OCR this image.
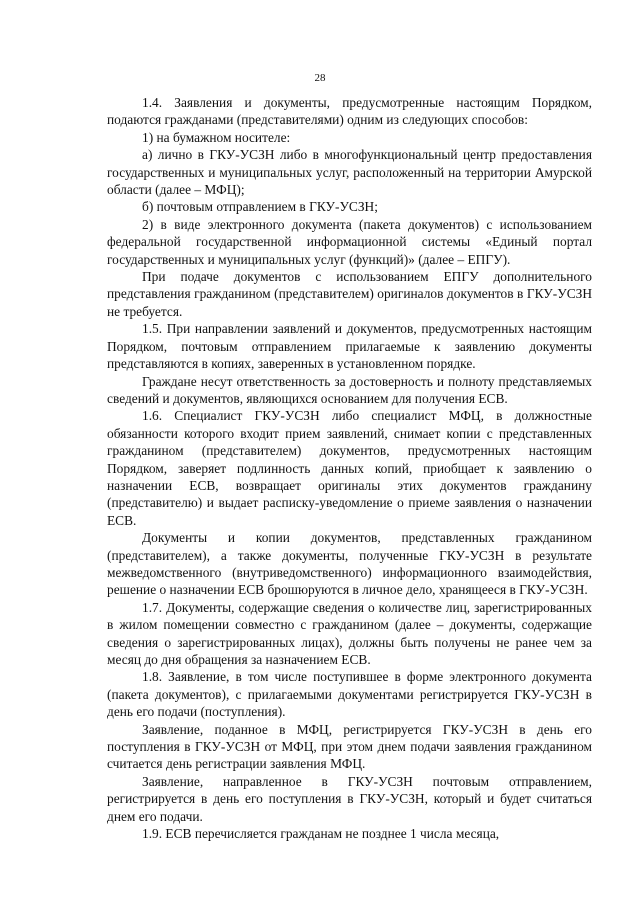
28

1.4. Заявления и документы, предусмотренные настоящим Порядком, подаются гражданами (представителями) одним из следующих способов:

1) на бумажном носителе:

а) лично в ГКУ-УСЗН либо в многофункциональный центр предоставления государственных и муниципальных услуг, расположенный на территории Амурской области (далее – МФЦ);

б) почтовым отправлением в ГКУ-УСЗН;

2) в виде электронного документа (пакета документов) с использованием федеральной государственной информационной системы «Единый портал государственных и муниципальных услуг (функций)» (далее – ЕПГУ).

При подаче документов с использованием ЕПГУ дополнительного представления гражданином (представителем) оригиналов документов в ГКУ-УСЗН не требуется.

1.5. При направлении заявлений и документов, предусмотренных настоящим Порядком, почтовым отправлением прилагаемые к заявлению документы представляются в копиях, заверенных в установленном порядке.

Граждане несут ответственность за достоверность и полноту представляемых сведений и документов, являющихся основанием для получения ЕСВ.

1.6. Специалист ГКУ-УСЗН либо специалист МФЦ, в должностные обязанности которого входит прием заявлений, снимает копии с представленных гражданином (представителем) документов, предусмотренных настоящим Порядком, заверяет подлинность данных копий, приобщает к заявлению о назначении ЕСВ, возвращает оригиналы этих документов гражданину (представителю) и выдает расписку-уведомление о приеме заявления о назначении ЕСВ.

Документы и копии документов, представленных гражданином (представителем), а также документы, полученные ГКУ-УСЗН в результате межведомственного (внутриведомственного) информационного взаимодействия, решение о назначении ЕСВ брошюруются в личное дело, хранящееся в ГКУ-УСЗН.

1.7. Документы, содержащие сведения о количестве лиц, зарегистрированных в жилом помещении совместно с гражданином (далее – документы, содержащие сведения о зарегистрированных лицах), должны быть получены не ранее чем за месяц до дня обращения за назначением ЕСВ.

1.8. Заявление, в том числе поступившее в форме электронного документа (пакета документов), с прилагаемыми документами регистрируется ГКУ-УСЗН в день его подачи (поступления).

Заявление, поданное в МФЦ, регистрируется ГКУ-УСЗН в день его поступления в ГКУ-УСЗН от МФЦ, при этом днем подачи заявления гражданином считается день регистрации заявления МФЦ.

Заявление, направленное в ГКУ-УСЗН почтовым отправлением, регистрируется в день его поступления в ГКУ-УСЗН, который и будет считаться днем его подачи.

1.9. ЕСВ перечисляется гражданам не позднее 1 числа месяца,
